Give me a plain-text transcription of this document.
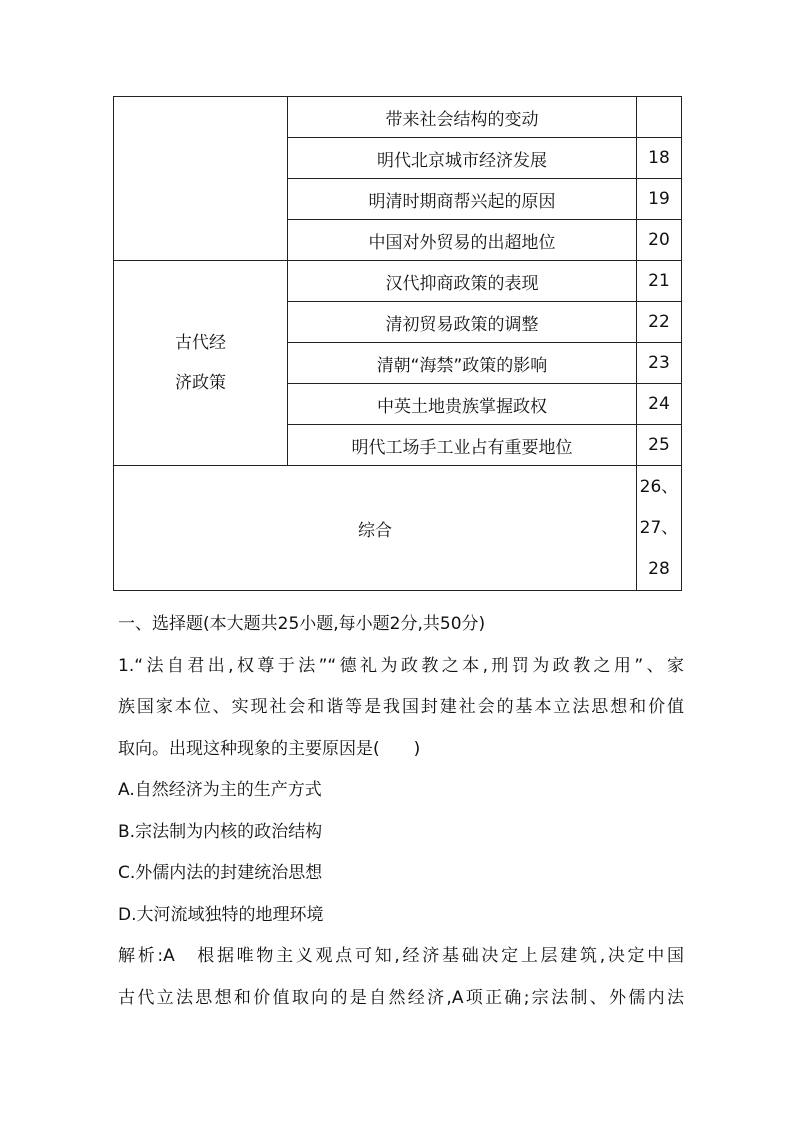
	带来社会结构的变动	
	明代北京城市经济发展	18
	明清时期商帮兴起的原因	19
	中国对外贸易的出超地位	20

古代经
济政策	汉代抑商政策的表现	21
	清初贸易政策的调整	22
	清朝“海禁”政策的影响	23
	中英土地贵族掌握政权	24
	明代工场手工业占有重要地位	25
综合		26、
27、
28

一、选择题(本大题共25小题,每小题2分,共50分)

1.“法自君出,权尊于法”“德礼为政教之本,刑罚为政教之用”、家

族国家本位、实现社会和谐等是我国封建社会的基本立法思想和价值

取向。出现这种现象的主要原因是(　　)

A.自然经济为主的生产方式

B.宗法制为内核的政治结构

C.外儒内法的封建统治思想

D.大河流域独特的地理环境

解析:A　根据唯物主义观点可知,经济基础决定上层建筑,决定中国

古代立法思想和价值取向的是自然经济,A项正确;宗法制、外儒内法
